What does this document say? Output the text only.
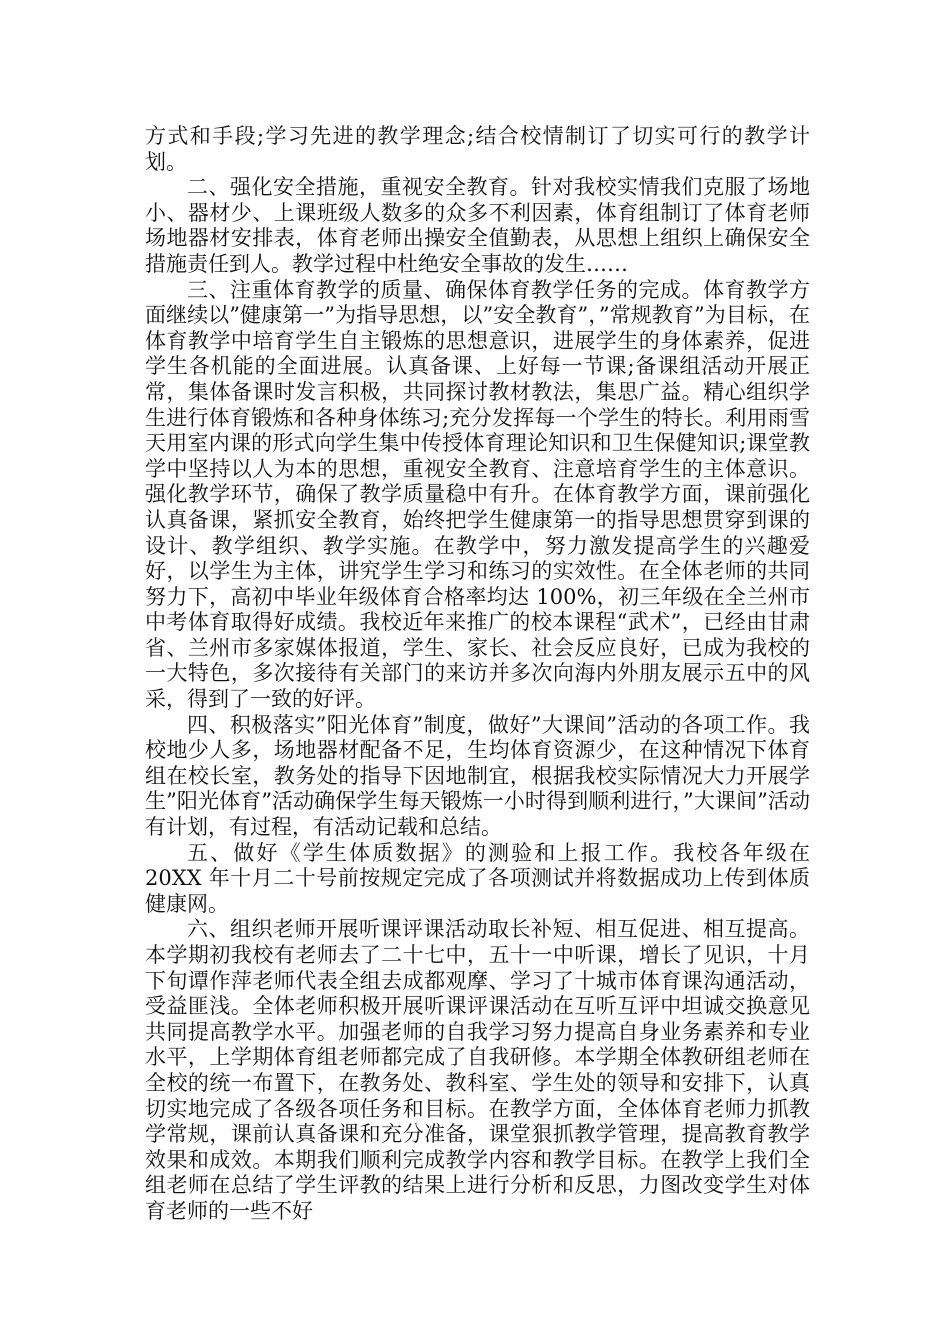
方式和手段;学习先进的教学理念;结合校情制订了切实可行的教学计划。

二、强化安全措施，重视安全教育。针对我校实情我们克服了场地小、器材少、上课班级人数多的众多不利因素，体育组制订了体育老师场地器材安排表，体育老师出操安全值勤表，从思想上组织上确保安全措施责任到人。教学过程中杜绝安全事故的发生……

三、注重体育教学的质量、确保体育教学任务的完成。体育教学方面继续以”健康第一”为指导思想，以”安全教育”，”常规教育”为目标，在体育教学中培育学生自主锻炼的思想意识，进展学生的身体素养，促进学生各机能的全面进展。认真备课、上好每一节课;备课组活动开展正常，集体备课时发言积极，共同探讨教材教法，集思广益。精心组织学生进行体育锻炼和各种身体练习;充分发挥每一个学生的特长。利用雨雪天用室内课的形式向学生集中传授体育理论知识和卫生保健知识;课堂教学中坚持以人为本的思想，重视安全教育、注意培育学生的主体意识。强化教学环节，确保了教学质量稳中有升。在体育教学方面，课前强化认真备课，紧抓安全教育，始终把学生健康第一的指导思想贯穿到课的设计、教学组织、教学实施。在教学中，努力激发提高学生的兴趣爱好，以学生为主体，讲究学生学习和练习的实效性。在全体老师的共同努力下，高初中毕业年级体育合格率均达 100%，初三年级在全兰州市中考体育取得好成绩。我校近年来推广的校本课程“武术”，已经由甘肃省、兰州市多家媒体报道，学生、家长、社会反应良好，已成为我校的一大特色，多次接待有关部门的来访并多次向海内外朋友展示五中的风采，得到了一致的好评。

四、积极落实”阳光体育”制度，做好”大课间”活动的各项工作。我校地少人多，场地器材配备不足，生均体育资源少，在这种情况下体育组在校长室，教务处的指导下因地制宜，根据我校实际情况大力开展学生”阳光体育”活动确保学生每天锻炼一小时得到顺利进行，”大课间”活动有计划，有过程，有活动记载和总结。

五、做好《学生体质数据》的测验和上报工作。我校各年级在 20XX 年十月二十号前按规定完成了各项测试并将数据成功上传到体质健康网。

六、组织老师开展听课评课活动取长补短、相互促进、相互提高。本学期初我校有老师去了二十七中，五十一中听课，增长了见识，十月下旬谭作萍老师代表全组去成都观摩、学习了十城市体育课沟通活动，受益匪浅。全体老师积极开展听课评课活动在互听互评中坦诚交换意见共同提高教学水平。加强老师的自我学习努力提高自身业务素养和专业水平，上学期体育组老师都完成了自我研修。本学期全体教研组老师在全校的统一布置下，在教务处、教科室、学生处的领导和安排下，认真切实地完成了各级各项任务和目标。在教学方面，全体体育老师力抓教学常规，课前认真备课和充分准备，课堂狠抓教学管理，提高教育教学效果和成效。本期我们顺利完成教学内容和教学目标。在教学上我们全组老师在总结了学生评教的结果上进行分析和反思，力图改变学生对体育老师的一些不好
